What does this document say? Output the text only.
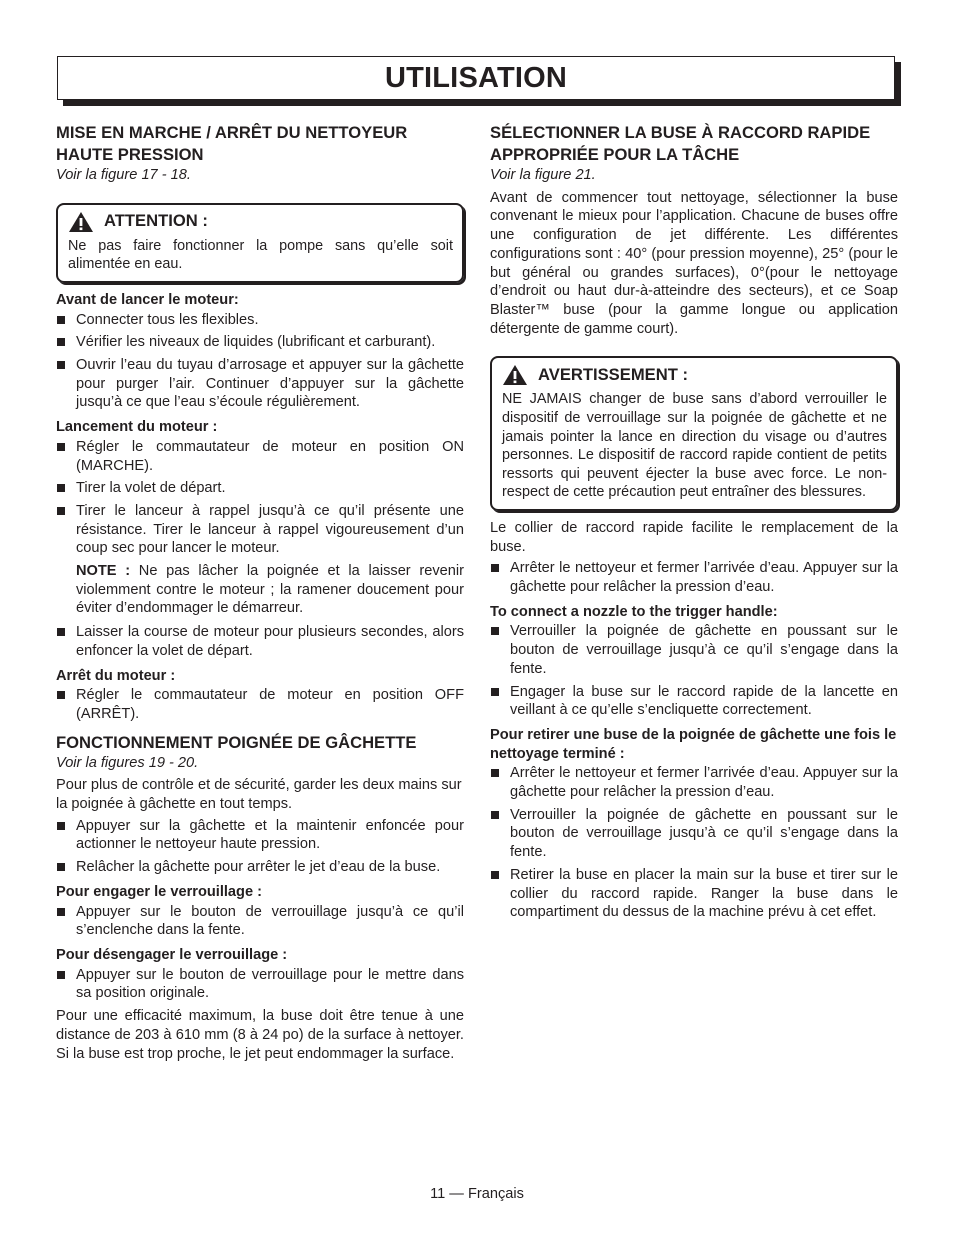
UTILISATION
MISE EN MARCHE / ARRÊT DU NETTOYEUR HAUTE PRESSION

Voir la figure 17 - 18.

ATTENTION :
Ne pas faire fonctionner la pompe sans qu’elle soit alimentée en eau.

Avant de lancer le moteur:

Connecter tous les flexibles.
Vérifier les niveaux de liquides (lubrificant et carburant).
Ouvrir l’eau du tuyau d’arrosage et appuyer sur la gâchette pour purger l’air. Continuer d’appuyer sur la gâchette jusqu’à ce que l’eau s’écoule régulièrement.

Lancement du moteur :

Régler le commautateur de moteur en position ON (MARCHE).
Tirer la volet de départ.
Tirer le lanceur à rappel jusqu’à ce qu’il présente une résistance. Tirer le lanceur à rappel vigoureusement d’un coup sec pour lancer le moteur.

NOTE : Ne pas lâcher la poignée et la laisser revenir violemment contre le moteur ; la ramener doucement pour éviter d’endommager le démarreur.

Laisser la course de moteur pour plusieurs secondes, alors enfoncer la volet de départ.

Arrêt du moteur :

Régler le commautateur de moteur en position OFF (ARRÊT).
FONCTIONNEMENT POIGNÉE DE GÂCHETTE

Voir la figures 19 - 20.

Pour plus de contrôle et de sécurité, garder les deux mains sur la poignée à gâchette en tout temps.

Appuyer sur la gâchette et la maintenir enfoncée pour actionner le nettoyeur haute pression.
Relâcher la gâchette pour arrêter le jet d’eau de la buse.

Pour engager le verrouillage :

Appuyer sur le bouton de verrouillage jusqu’à ce qu’il s’enclenche dans la fente.

Pour désengager le verrouillage :

Appuyer sur le bouton de verrouillage pour le mettre dans sa position originale.

Pour une efficacité maximum, la buse doit être tenue à une distance de 203 à 610 mm (8 à 24 po) de la surface à nettoyer. Si la buse est trop proche, le jet peut endommager la surface.

SÉLECTIONNER LA BUSE À RACCORD RAPIDE APPROPRIÉE POUR LA TÂCHE

Voir la figure 21.

Avant de commencer tout nettoyage, sélectionner la buse convenant le mieux pour l’application. Chacune de buses offre une configuration de jet différente. Les différentes configurations sont : 40° (pour pression moyenne), 25° (pour le but général ou grandes surfaces), 0°(pour le nettoyage d’endroit ou haut dur-à-atteindre des secteurs), et ce Soap Blaster™ buse (pour la gamme longue ou application détergente de gamme court).

AVERTISSEMENT :
NE JAMAIS changer de buse sans d’abord verrouiller le dispositif de verrouillage sur la poignée de gâchette et ne jamais pointer la lance en direction du visage ou d’autres personnes. Le dispositif de raccord rapide contient de petits ressorts qui peuvent éjecter la buse avec force. Le non-respect de cette précaution peut entraîner des blessures.

Le collier de raccord rapide facilite le remplacement de la buse.

Arrêter le nettoyeur et fermer l’arrivée d’eau. Appuyer sur la gâchette pour relâcher la pression d’eau.

To connect a nozzle to the trigger handle:

Verrouiller la poignée de gâchette en poussant sur le bouton de verrouillage jusqu’à ce qu’il s’engage dans la fente.
Engager la buse sur le raccord rapide de la lancette en veillant à ce qu’elle s’encliquette correctement.

Pour retirer une buse de la poignée de gâchette une fois le nettoyage terminé :

Arrêter le nettoyeur et fermer l’arrivée d’eau. Appuyer sur la gâchette pour relâcher la pression d’eau.
Verrouiller la poignée de gâchette en poussant sur le bouton de verrouillage jusqu’à ce qu’il s’engage dans la fente.
Retirer la buse en placer la main sur la buse et tirer sur le collier du raccord rapide. Ranger la buse dans le compartiment du dessus de la machine prévu à cet effet.
11 — Français
